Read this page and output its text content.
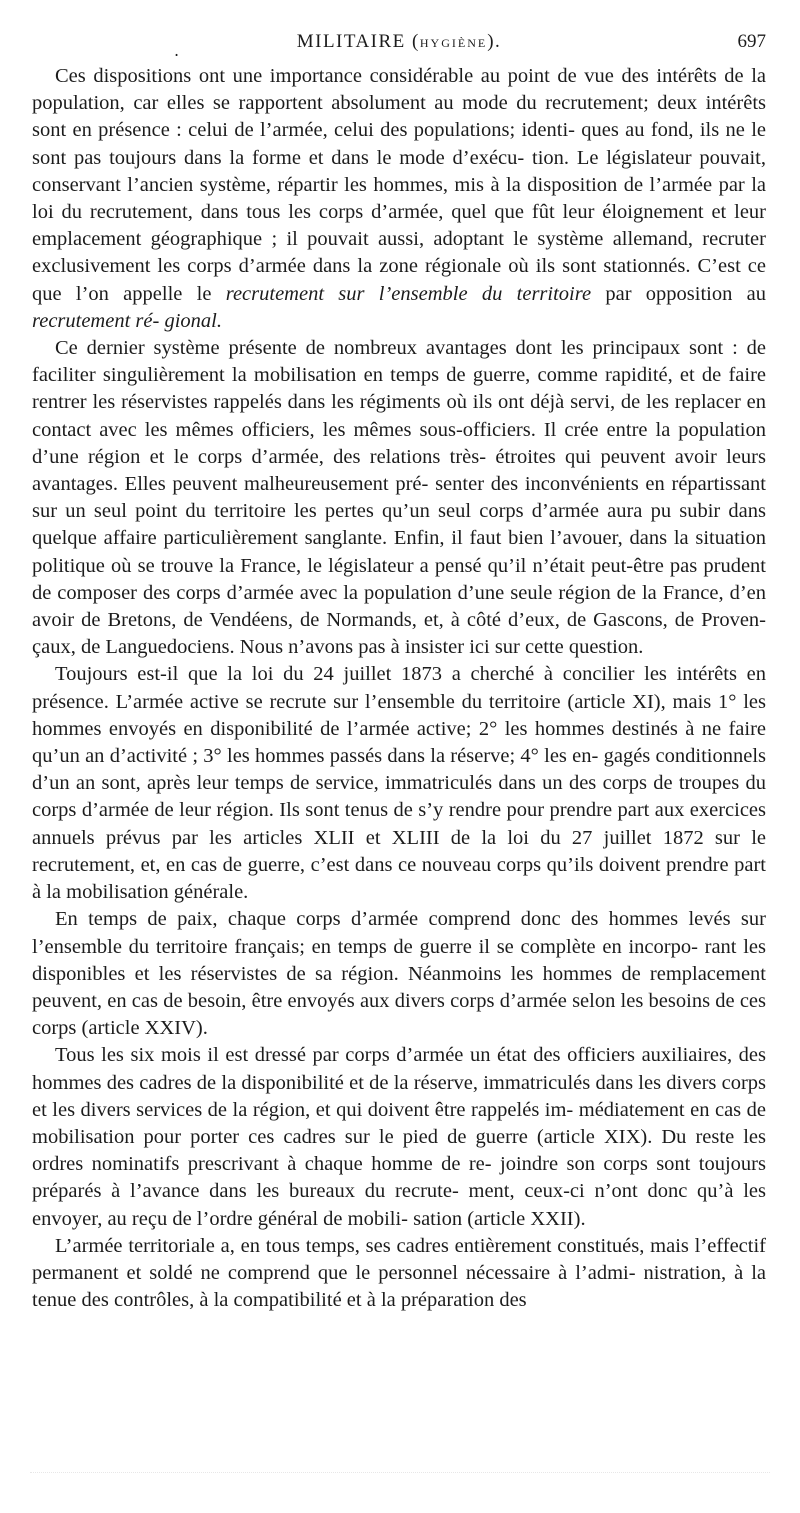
.	MILITAIRE (HYGIÈNE).	697

Ces dispositions ont une importance considérable au point de vue des intérêts de la population, car elles se rapportent absolument au mode du recrutement; deux intérêts sont en présence : celui de l’armée, celui des populations; identi- ques au fond, ils ne le sont pas toujours dans la forme et dans le mode d’exécu- tion. Le législateur pouvait, conservant l’ancien système, répartir les hommes, mis à la disposition de l’armée par la loi du recrutement, dans tous les corps d’armée, quel que fût leur éloignement et leur emplacement géographique ; il pouvait aussi, adoptant le système allemand, recruter exclusivement les corps d’armée dans la zone régionale où ils sont stationnés. C’est ce que l’on appelle le recrutement sur l’ensemble du territoire par opposition au recrutement ré- gional.

Ce dernier système présente de nombreux avantages dont les principaux sont : de faciliter singulièrement la mobilisation en temps de guerre, comme rapidité, et de faire rentrer les réservistes rappelés dans les régiments où ils ont déjà servi, de les replacer en contact avec les mêmes officiers, les mêmes sous-officiers. Il crée entre la population d’une région et le corps d’armée, des relations très- étroites qui peuvent avoir leurs avantages. Elles peuvent malheureusement pré- senter des inconvénients en répartissant sur un seul point du territoire les pertes qu’un seul corps d’armée aura pu subir dans quelque affaire particulièrement sanglante. Enfin, il faut bien l’avouer, dans la situation politique où se trouve la France, le législateur a pensé qu’il n’était peut-être pas prudent de composer des corps d’armée avec la population d’une seule région de la France, d’en avoir de Bretons, de Vendéens, de Normands, et, à côté d’eux, de Gascons, de Proven- çaux, de Languedociens. Nous n’avons pas à insister ici sur cette question.

Toujours est-il que la loi du 24 juillet 1873 a cherché à concilier les intérêts en présence. L’armée active se recrute sur l’ensemble du territoire (article XI), mais 1° les hommes envoyés en disponibilité de l’armée active; 2° les hommes destinés à ne faire qu’un an d’activité ; 3° les hommes passés dans la réserve; 4° les en- gagés conditionnels d’un an sont, après leur temps de service, immatriculés dans un des corps de troupes du corps d’armée de leur région. Ils sont tenus de s’y rendre pour prendre part aux exercices annuels prévus par les articles XLII et XLIII de la loi du 27 juillet 1872 sur le recrutement, et, en cas de guerre, c’est dans ce nouveau corps qu’ils doivent prendre part à la mobilisation générale.

En temps de paix, chaque corps d’armée comprend donc des hommes levés sur l’ensemble du territoire français; en temps de guerre il se complète en incorpo- rant les disponibles et les réservistes de sa région. Néanmoins les hommes de remplacement peuvent, en cas de besoin, être envoyés aux divers corps d’armée selon les besoins de ces corps (article XXIV).

Tous les six mois il est dressé par corps d’armée un état des officiers auxiliaires, des hommes des cadres de la disponibilité et de la réserve, immatriculés dans les divers corps et les divers services de la région, et qui doivent être rappelés im- médiatement en cas de mobilisation pour porter ces cadres sur le pied de guerre (article XIX). Du reste les ordres nominatifs prescrivant à chaque homme de re- joindre son corps sont toujours préparés à l’avance dans les bureaux du recrute- ment, ceux-ci n’ont donc qu’à les envoyer, au reçu de l’ordre général de mobili- sation (article XXII).

L’armée territoriale a, en tous temps, ses cadres entièrement constitués, mais l’effectif permanent et soldé ne comprend que le personnel nécessaire à l’admi- nistration, à la tenue des contrôles, à la compatibilité et à la préparation des
